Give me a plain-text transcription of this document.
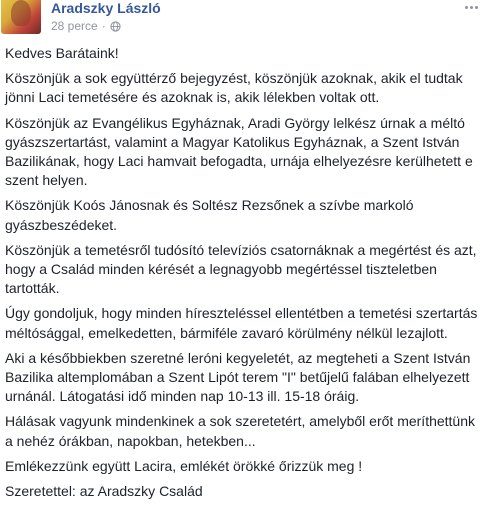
Aradszky László
28 perce ·

Kedves Barátaink!

Köszönjük a sok együttérző bejegyzést, köszönjük azoknak, akik el tudtak jönni Laci temetésére és azoknak is, akik lélekben voltak ott.

Köszönjük az Evangélikus Egyháznak, Aradi György lelkész úrnak a méltó gyászszertartást, valamint a Magyar Katolikus Egyháznak, a Szent István Bazilikának, hogy Laci hamvait befogadta, urnája elhelyezésre kerülhetett e szent helyen.

Köszönjük Koós Jánosnak és Soltész Rezsőnek a szívbe markoló gyászbeszédeket.

Köszönjük a temetésről tudósító televíziós csatornáknak a megértést és azt, hogy a Család minden kérését a legnagyobb megértéssel tiszteletben tartották.

Úgy gondoljuk, hogy minden híreszteléssel ellentétben a temetési szertartás méltósággal, emelkedetten, bármiféle zavaró körülmény nélkül lezajlott.

Aki a későbbiekben szeretné leróni kegyeletét, az megteheti a Szent István Bazilika altemplomában a Szent Lipót terem "I" betűjelű falában elhelyezett urnánál. Látogatási idő minden nap 10-13 ill. 15-18 óráig.

Hálásak vagyunk mindenkinek a sok szeretetért, amelyből erőt meríthettünk a nehéz órákban, napokban, hetekben...

Emlékezzünk együtt Lacira, emlékét örökké őrizzük meg !

Szeretettel: az Aradszky Család
